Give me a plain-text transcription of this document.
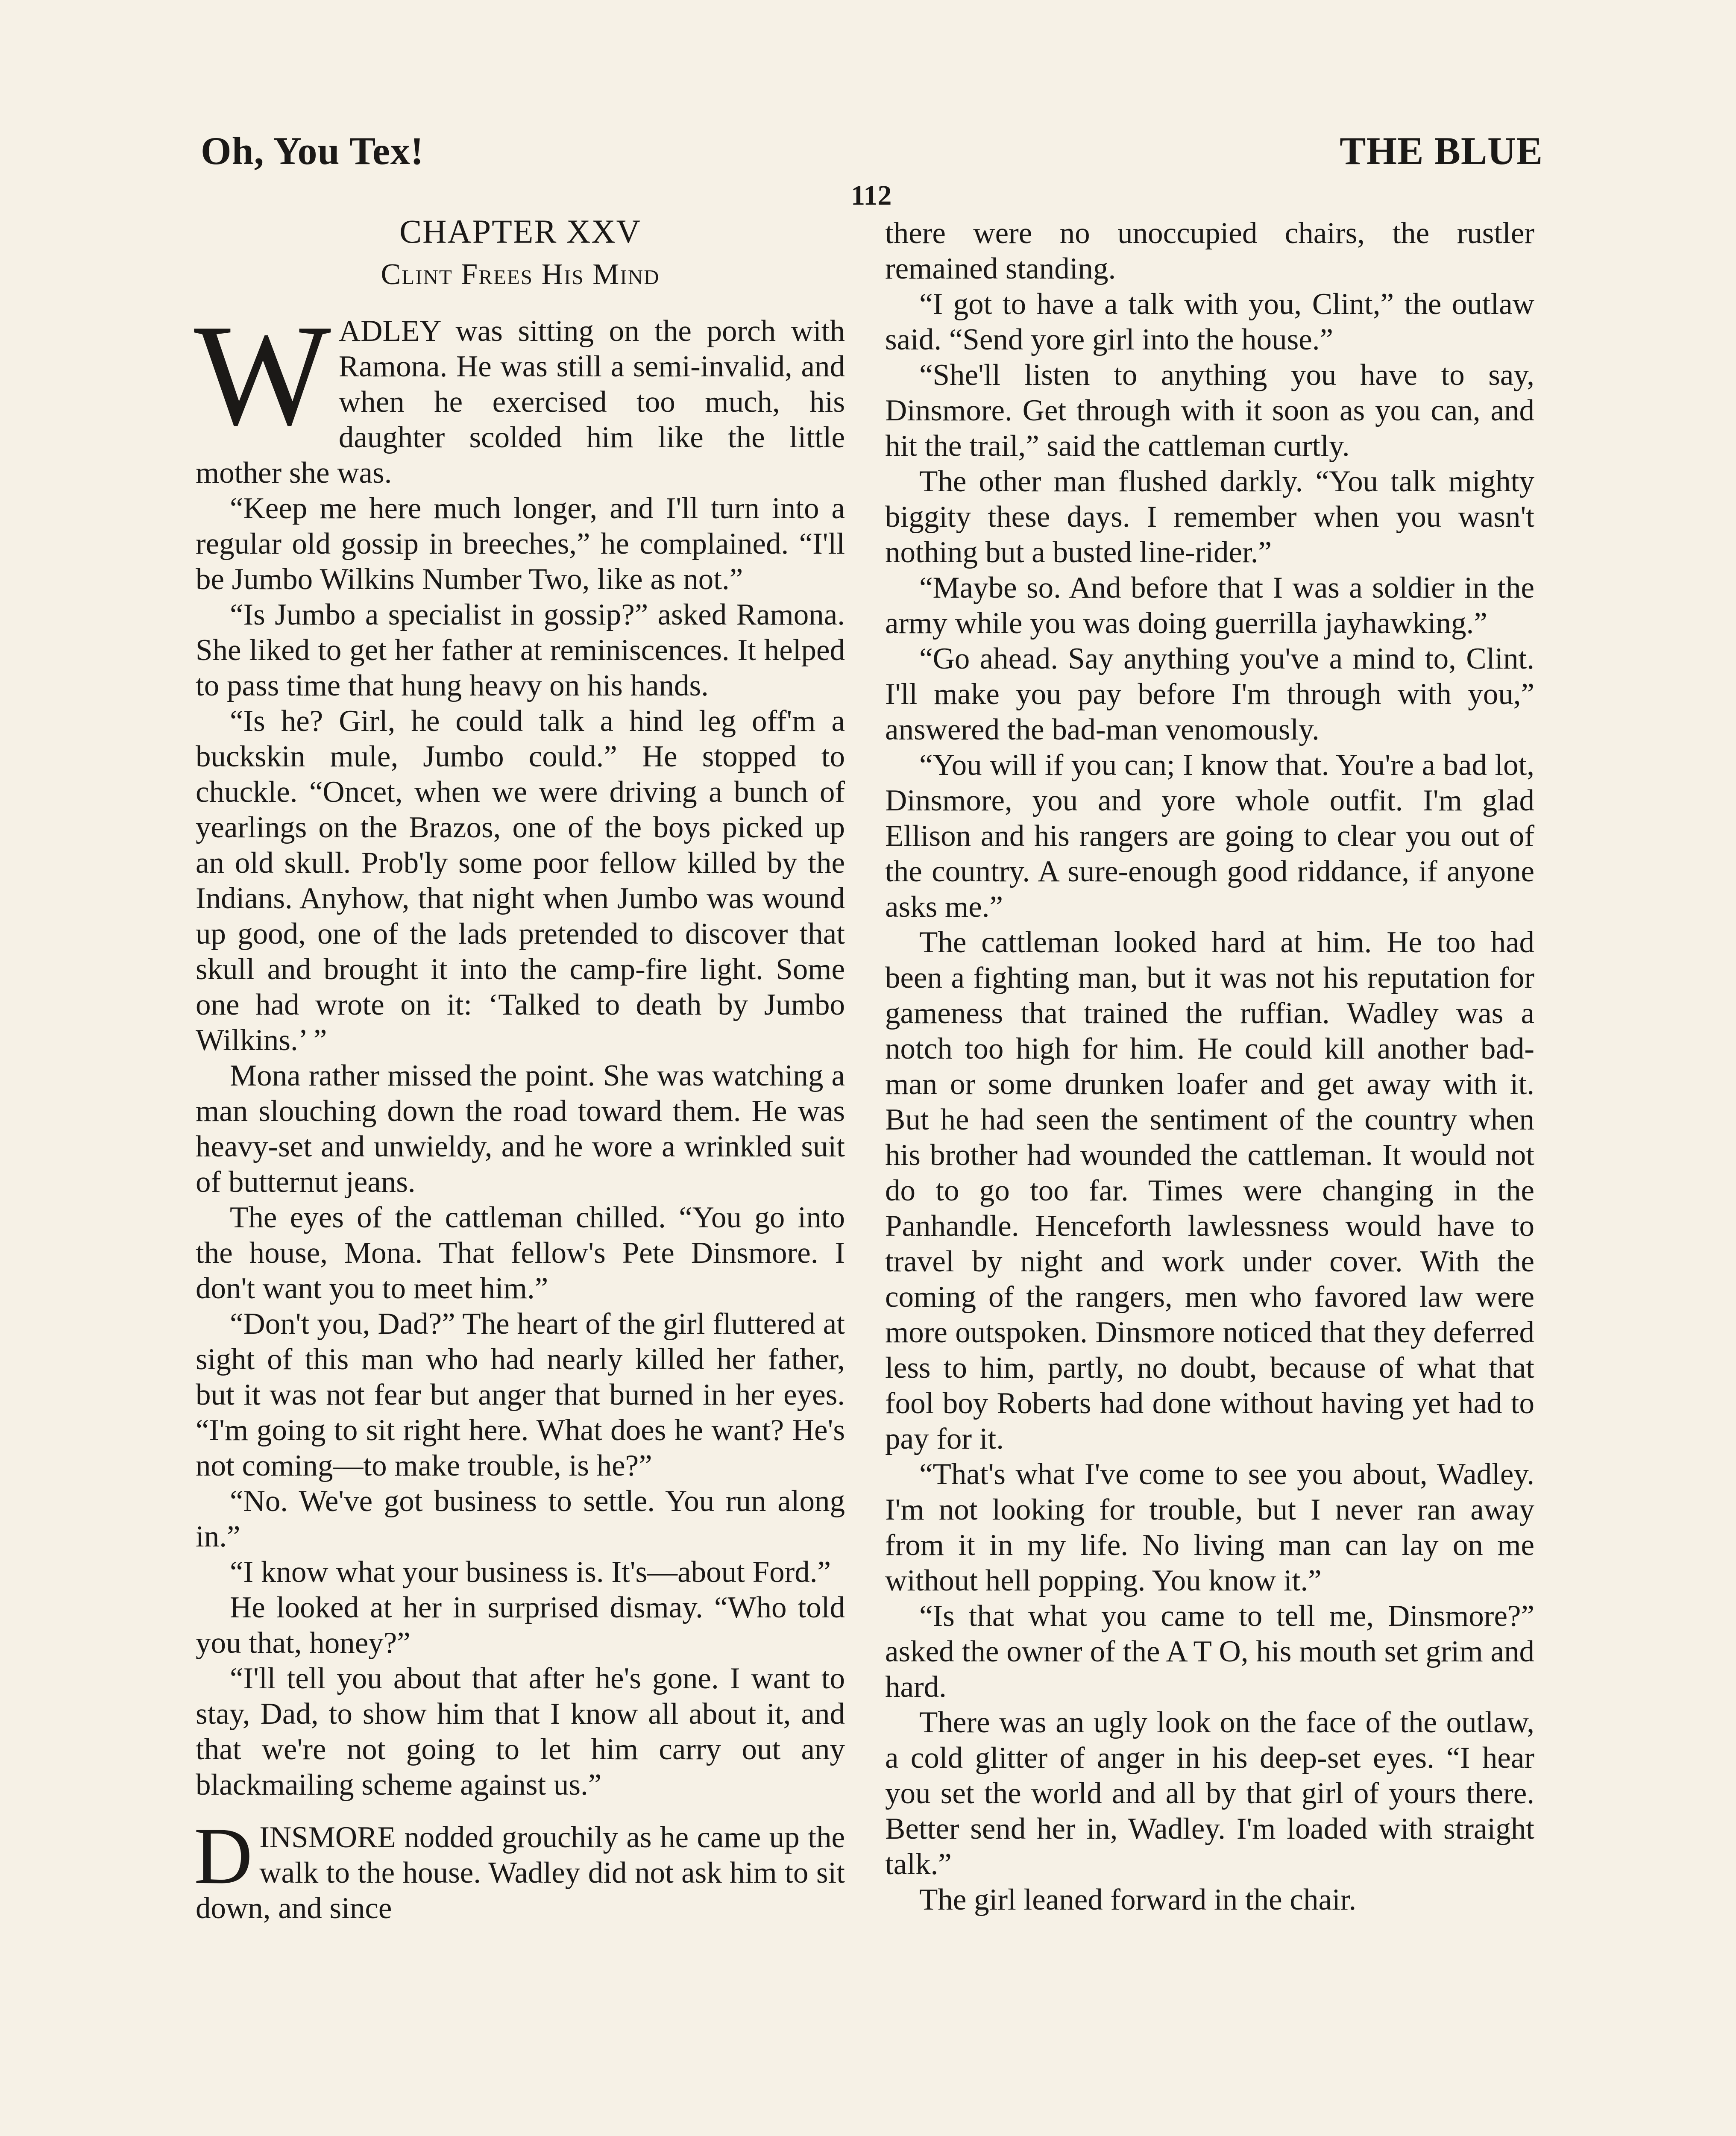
Oh, You Tex!	THE BLUE
112
CHAPTER XXV
Clint Frees His Mind

WADLEY was sitting on the porch with Ramona. He was still a semi-invalid, and when he exercised too much, his daughter scolded him like the little mother she was.

“Keep me here much longer, and I'll turn into a regular old gossip in breeches,” he complained. “I'll be Jumbo Wilkins Number Two, like as not.”

“Is Jumbo a specialist in gossip?” asked Ramona. She liked to get her father at reminiscences. It helped to pass time that hung heavy on his hands.

“Is he? Girl, he could talk a hind leg off'm a buckskin mule, Jumbo could.” He stopped to chuckle. “Oncet, when we were driving a bunch of yearlings on the Brazos, one of the boys picked up an old skull. Prob'ly some poor fellow killed by the Indians. Anyhow, that night when Jumbo was wound up good, one of the lads pretended to discover that skull and brought it into the camp-fire light. Some one had wrote on it: ‘Talked to death by Jumbo Wilkins.’ ”

Mona rather missed the point. She was watching a man slouching down the road toward them. He was heavy-set and unwieldy, and he wore a wrinkled suit of butternut jeans.

The eyes of the cattleman chilled. “You go into the house, Mona. That fellow's Pete Dinsmore. I don't want you to meet him.”

“Don't you, Dad?” The heart of the girl fluttered at sight of this man who had nearly killed her father, but it was not fear but anger that burned in her eyes. “I'm going to sit right here. What does he want? He's not coming—to make trouble, is he?”

“No. We've got business to settle. You run along in.”

“I know what your business is. It's—about Ford.”

He looked at her in surprised dismay. “Who told you that, honey?”

“I'll tell you about that after he's gone. I want to stay, Dad, to show him that I know all about it, and that we're not going to let him carry out any blackmailing scheme against us.”

DINSMORE nodded grouchily as he came up the walk to the house. Wadley did not ask him to sit down, and since

there were no unoccupied chairs, the rustler remained standing.

“I got to have a talk with you, Clint,” the outlaw said. “Send yore girl into the house.”

“She'll listen to anything you have to say, Dinsmore. Get through with it soon as you can, and hit the trail,” said the cattleman curtly.

The other man flushed darkly. “You talk mighty biggity these days. I remember when you wasn't nothing but a busted line-rider.”

“Maybe so. And before that I was a soldier in the army while you was doing guerrilla jayhawking.”

“Go ahead. Say anything you've a mind to, Clint. I'll make you pay before I'm through with you,” answered the bad-man venomously.

“You will if you can; I know that. You're a bad lot, Dinsmore, you and yore whole outfit. I'm glad Ellison and his rangers are going to clear you out of the country. A sure-enough good riddance, if anyone asks me.”

The cattleman looked hard at him. He too had been a fighting man, but it was not his reputation for gameness that trained the ruffian. Wadley was a notch too high for him. He could kill another bad-man or some drunken loafer and get away with it. But he had seen the sentiment of the country when his brother had wounded the cattleman. It would not do to go too far. Times were changing in the Panhandle. Henceforth lawlessness would have to travel by night and work under cover. With the coming of the rangers, men who favored law were more outspoken. Dinsmore noticed that they deferred less to him, partly, no doubt, because of what that fool boy Roberts had done without having yet had to pay for it.

“That's what I've come to see you about, Wadley. I'm not looking for trouble, but I never ran away from it in my life. No living man can lay on me without hell popping. You know it.”

“Is that what you came to tell me, Dinsmore?” asked the owner of the A T O, his mouth set grim and hard.

There was an ugly look on the face of the outlaw, a cold glitter of anger in his deep-set eyes. “I hear you set the world and all by that girl of yours there. Better send her in, Wadley. I'm loaded with straight talk.”

The girl leaned forward in the chair.
